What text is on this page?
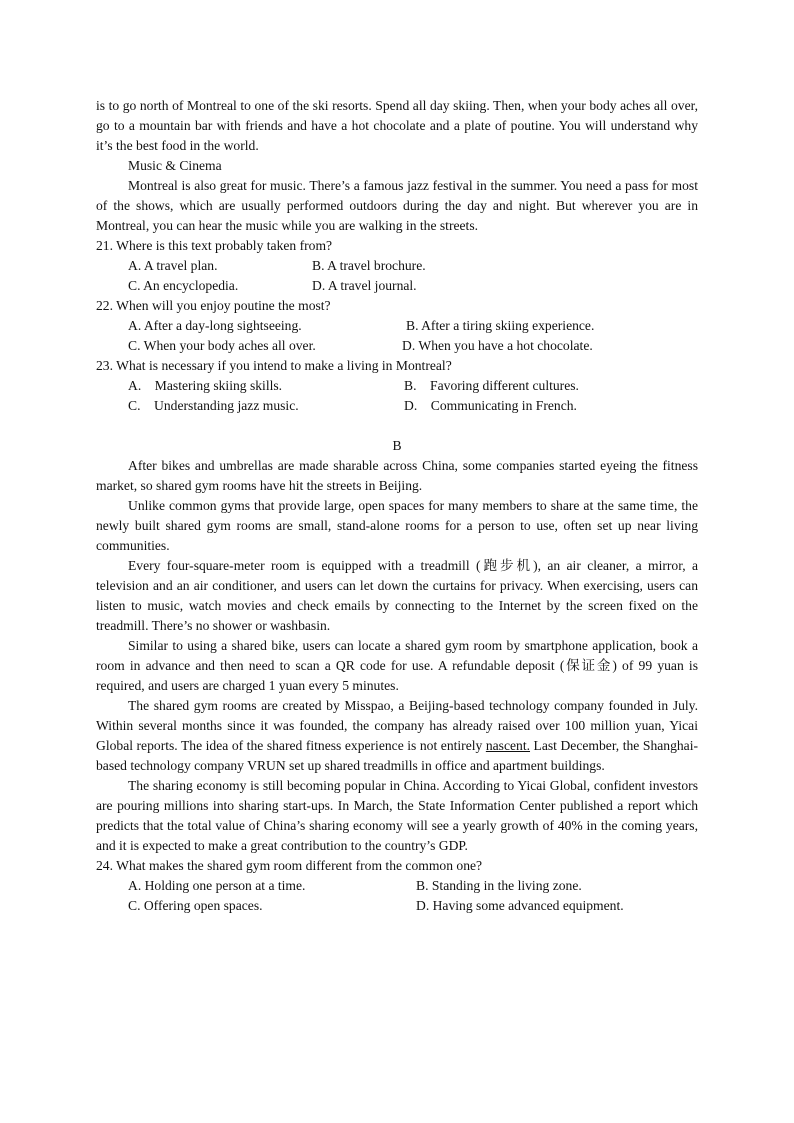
is to go north of Montreal to one of the ski resorts. Spend all day skiing. Then, when your body aches all over, go to a mountain bar with friends and have a hot chocolate and a plate of poutine. You will understand why it’s the best food in the world.

Music & Cinema

Montreal is also great for music. There’s a famous jazz festival in the summer. You need a pass for most of the shows, which are usually performed outdoors during the day and night. But wherever you are in Montreal, you can hear the music while you are walking in the streets.

21. Where is this text probably taken from?

A. A travel plan.	B. A travel brochure.
C. An encyclopedia.	D. A travel journal.

22. When will you enjoy poutine the most?

A. After a day-long sightseeing.	B. After a tiring skiing experience.
C. When your body aches all over.	D. When you have a hot chocolate.

23. What is necessary if you intend to make a living in Montreal?

A.    Mastering skiing skills.	B.    Favoring different cultures.
C.    Understanding jazz music.	D.    Communicating in French.

B

After bikes and umbrellas are made sharable across China, some companies started eyeing the fitness market, so shared gym rooms have hit the streets in Beijing.

Unlike common gyms that provide large, open spaces for many members to share at the same time, the newly built shared gym rooms are small, stand-alone rooms for a person to use, often set up near living communities.

Every four-square-meter room is equipped with a treadmill (跑步机), an air cleaner, a mirror, a television and an air conditioner, and users can let down the curtains for privacy. When exercising, users can listen to music, watch movies and check emails by connecting to the Internet by the screen fixed on the treadmill. There’s no shower or washbasin.

Similar to using a shared bike, users can locate a shared gym room by smartphone application, book a room in advance and then need to scan a QR code for use. A refundable deposit (保证金) of 99 yuan is required, and users are charged 1 yuan every 5 minutes.

The shared gym rooms are created by Misspao, a Beijing-based technology company founded in July. Within several months since it was founded, the company has already raised over 100 million yuan, Yicai Global reports. The idea of the shared fitness experience is not entirely nascent. Last December, the Shanghai-based technology company VRUN set up shared treadmills in office and apartment buildings.

The sharing economy is still becoming popular in China. According to Yicai Global, confident investors are pouring millions into sharing start-ups. In March, the State Information Center published a report which predicts that the total value of China’s sharing economy will see a yearly growth of 40% in the coming years, and it is expected to make a great contribution to the country’s GDP.

24. What makes the shared gym room different from the common one?

A. Holding one person at a time.	B. Standing in the living zone.
C. Offering open spaces.	D. Having some advanced equipment.
